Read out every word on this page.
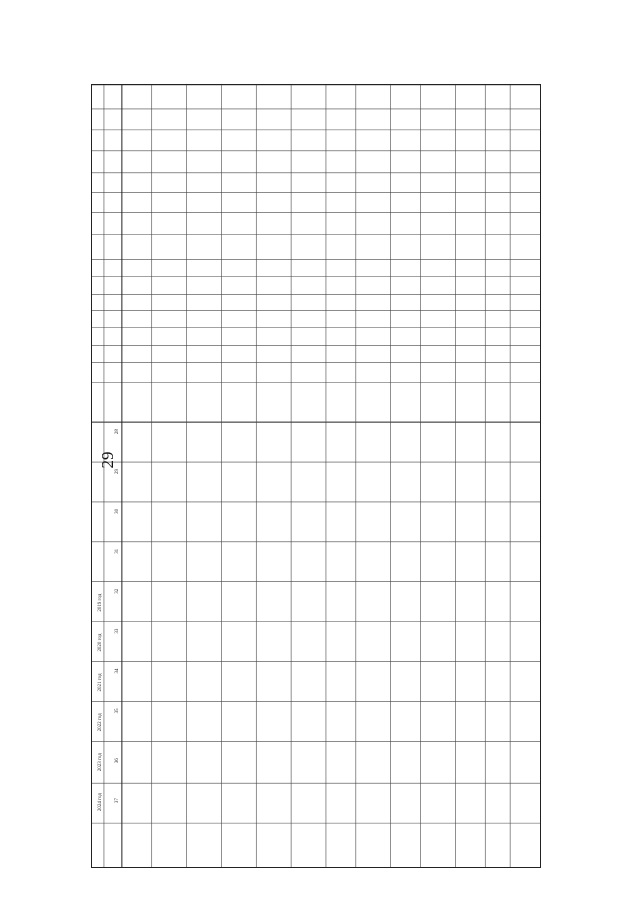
29
28
29
30
31
32
33
34
35
36
37
2019 год
2020 год
2021 год
2022 год
2023 год
2024 год
